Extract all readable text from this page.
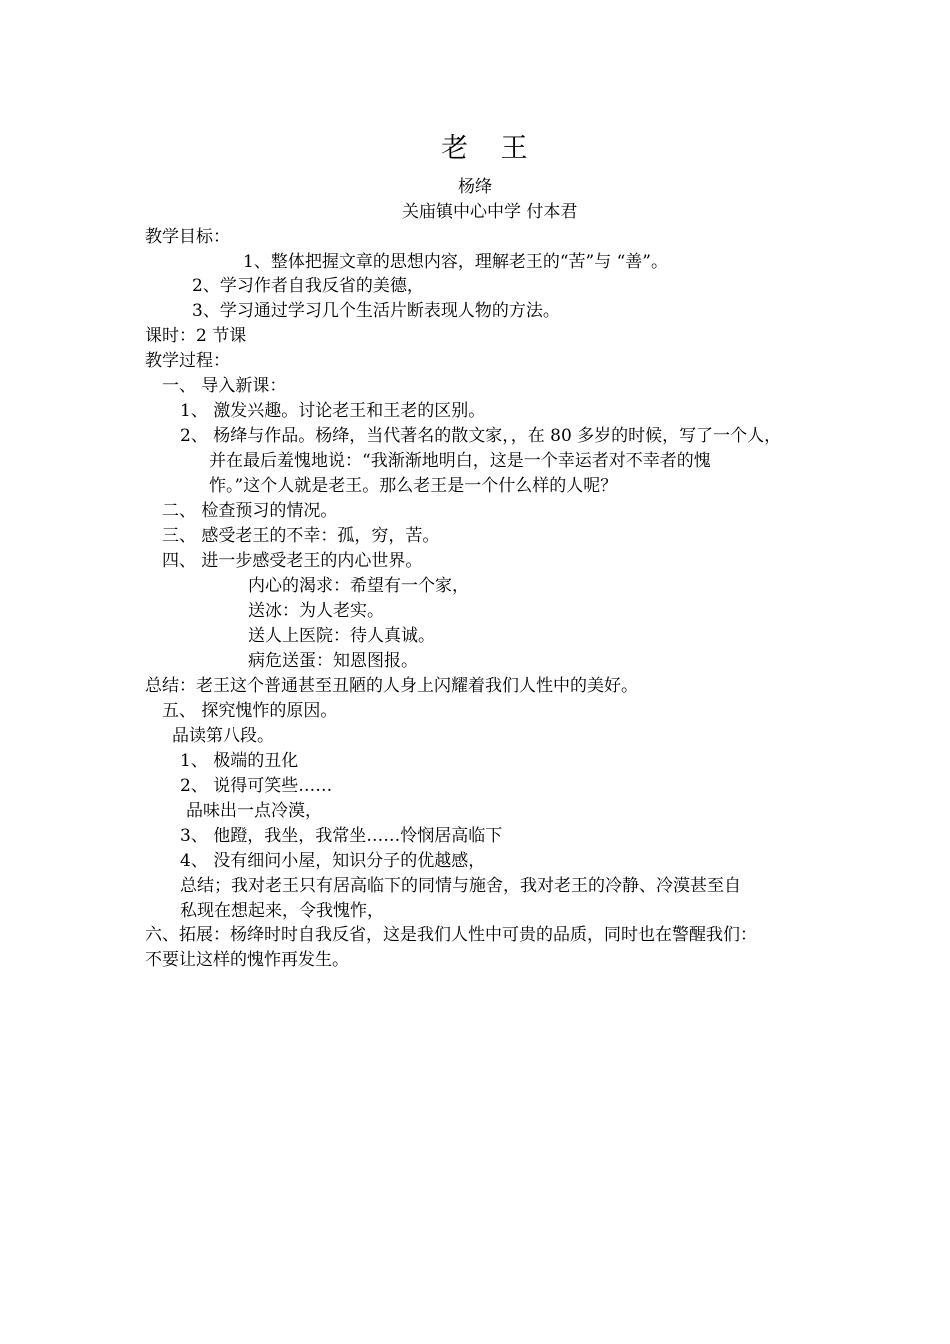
老 王
杨绛
关庙镇中心中学 付本君
教学目标：
1、整体把握文章的思想内容，理解老王的“苦”与 “善”。
2、学习作者自我反省的美德，
3、学习通过学习几个生活片断表现人物的方法。
课时：2 节课
教学过程：
一、 导入新课：
1、 激发兴趣。讨论老王和王老的区别。
2、 杨绛与作品。杨绛，当代著名的散文家，，在 80 多岁的时候，写了一个人，
并在最后羞愧地说：“我渐渐地明白，这是一个幸运者对不幸者的愧
怍。”这个人就是老王。那么老王是一个什么样的人呢？
二、 检查预习的情况。
三、 感受老王的不幸：孤，穷，苦。
四、 进一步感受老王的内心世界。
内心的渴求：希望有一个家，
送冰：为人老实。
送人上医院：待人真诚。
病危送蛋：知恩图报。
总结：老王这个普通甚至丑陋的人身上闪耀着我们人性中的美好。
五、 探究愧怍的原因。
品读第八段。
1、 极端的丑化
2、 说得可笑些……
品味出一点冷漠，
3、 他蹬，我坐，我常坐……怜悯居高临下
4、 没有细问小屋，知识分子的优越感，
总结；我对老王只有居高临下的同情与施舍，我对老王的冷静、冷漠甚至自
私现在想起来，令我愧怍，
六、拓展：杨绛时时自我反省，这是我们人性中可贵的品质，同时也在警醒我们：
不要让这样的愧怍再发生。
